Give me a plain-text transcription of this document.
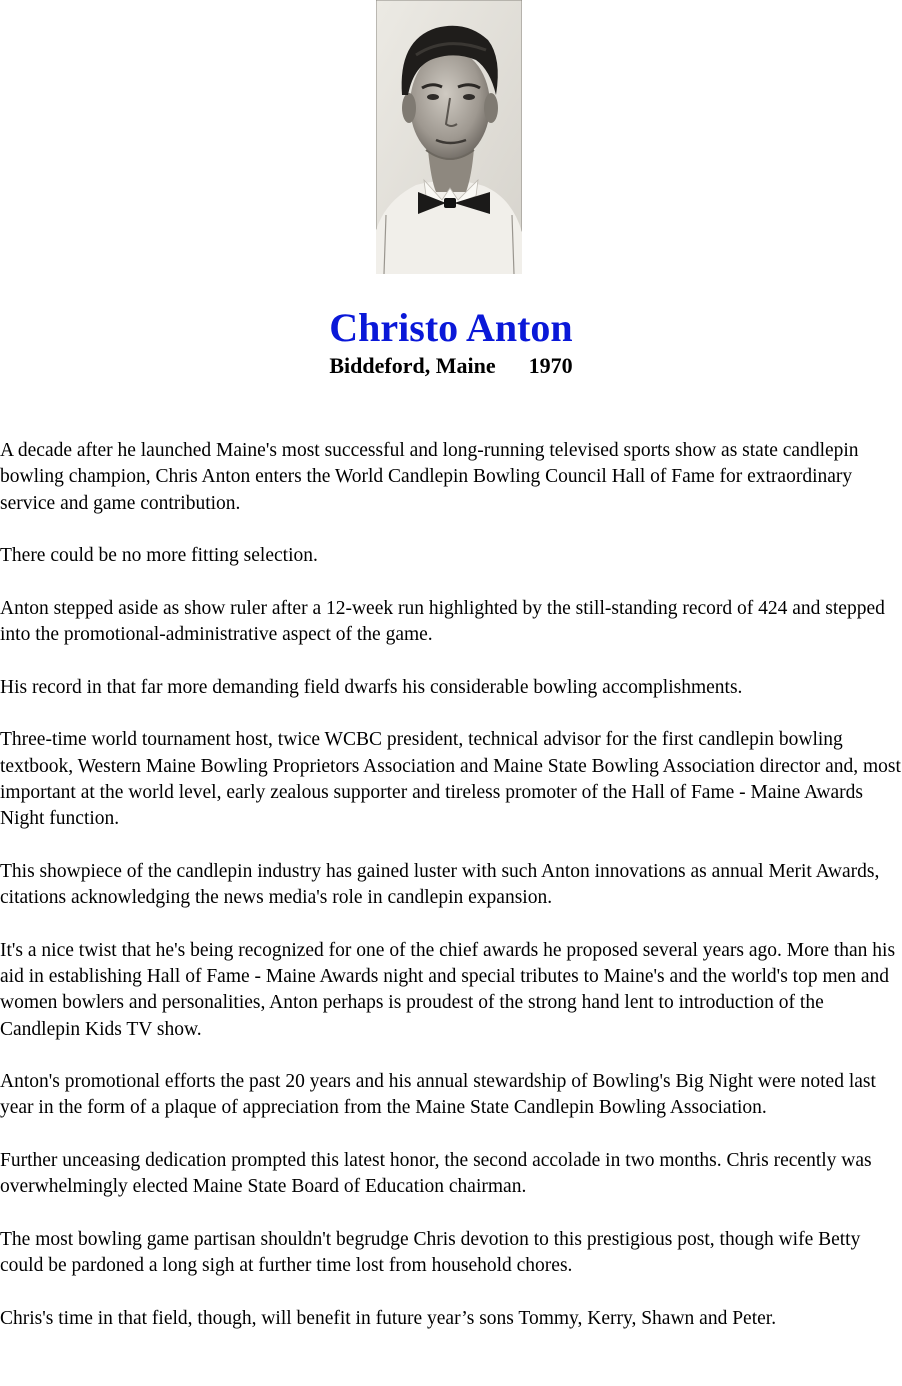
Christo Anton
Biddeford, Maine 1970

A decade after he launched Maine's most successful and long-running televised sports show as state candlepin bowling champion, Chris Anton enters the World Candlepin Bowling Council Hall of Fame for extraordinary service and game contribution.

There could be no more fitting selection.

Anton stepped aside as show ruler after a 12-week run highlighted by the still-standing record of 424 and stepped into the promotional-administrative aspect of the game.

His record in that far more demanding field dwarfs his considerable bowling accomplishments.

Three-time world tournament host, twice WCBC president, technical advisor for the first candlepin bowling textbook, Western Maine Bowling Proprietors Association and Maine State Bowling Association director and, most important at the world level, early zealous supporter and tireless promoter of the Hall of Fame - Maine Awards Night function.

This showpiece of the candlepin industry has gained luster with such Anton innovations as annual Merit Awards, citations acknowledging the news media's role in candlepin expansion.

It's a nice twist that he's being recognized for one of the chief awards he proposed several years ago. More than his aid in establishing Hall of Fame - Maine Awards night and special tributes to Maine's and the world's top men and women bowlers and personalities, Anton perhaps is proudest of the strong hand lent to introduction of the Candlepin Kids TV show.

Anton's promotional efforts the past 20 years and his annual stewardship of Bowling's Big Night were noted last year in the form of a plaque of appreciation from the Maine State Candlepin Bowling Association.

Further unceasing dedication prompted this latest honor, the second accolade in two months. Chris recently was overwhelmingly elected Maine State Board of Education chairman.

The most bowling game partisan shouldn't begrudge Chris devotion to this prestigious post, though wife Betty could be pardoned a long sigh at further time lost from household chores.

Chris's time in that field, though, will benefit in future year’s sons Tommy, Kerry, Shawn and Peter.
